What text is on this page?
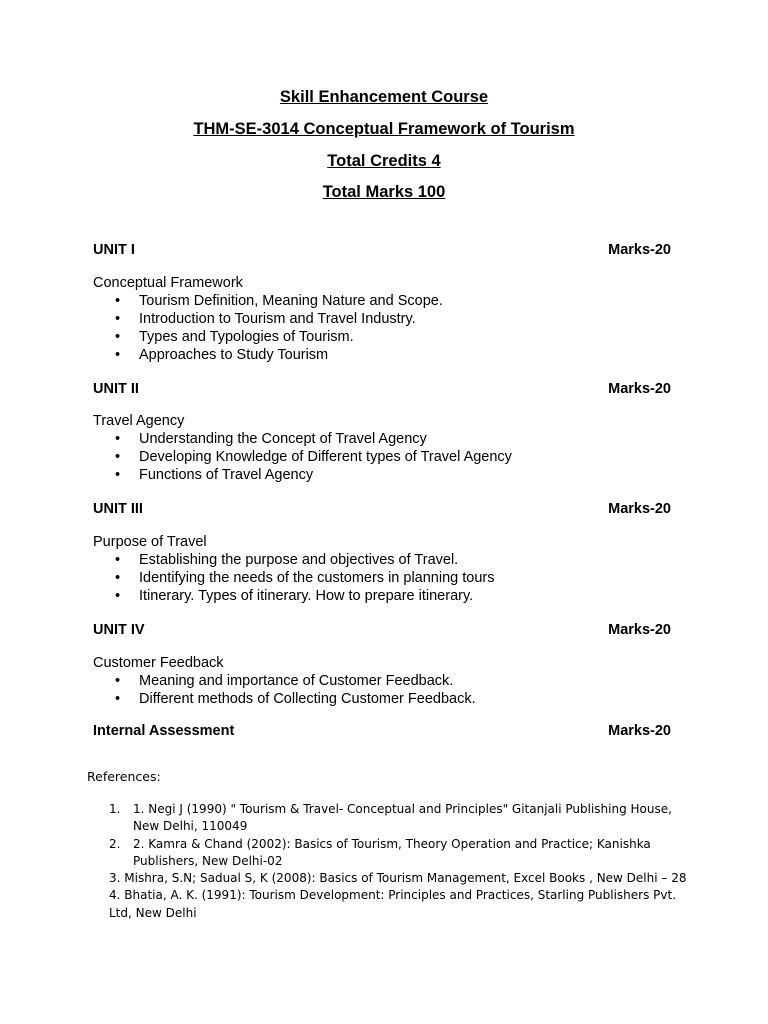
Skill Enhancement Course
THM-SE-3014 Conceptual Framework of Tourism
Total Credits 4
Total Marks 100
UNIT I	Marks-20
Conceptual Framework
• Tourism Definition, Meaning Nature and Scope.
• Introduction to Tourism and Travel Industry.
• Types and Typologies of Tourism.
• Approaches to Study Tourism
UNIT II	Marks-20
Travel Agency
• Understanding the Concept of Travel Agency
• Developing Knowledge of Different types of Travel Agency
• Functions of Travel Agency
UNIT III	Marks-20
Purpose of Travel
• Establishing the purpose and objectives of Travel.
• Identifying the needs of the customers in planning tours
• Itinerary. Types of itinerary. How to prepare itinerary.
UNIT IV	Marks-20
Customer Feedback
• Meaning and importance of Customer Feedback.
• Different methods of Collecting Customer Feedback.
Internal Assessment	Marks-20
References:
1.	1. Negi J (1990) " Tourism & Travel- Conceptual and Principles" Gitanjali Publishing House, New Delhi, 110049
2.	2. Kamra & Chand (2002): Basics of Tourism, Theory Operation and Practice; Kanishka Publishers, New Delhi-02
3. Mishra, S.N; Sadual S, K (2008): Basics of Tourism Management, Excel Books , New Delhi – 28
4. Bhatia, A. K. (1991): Tourism Development: Principles and Practices, Starling Publishers Pvt. Ltd, New Delhi
